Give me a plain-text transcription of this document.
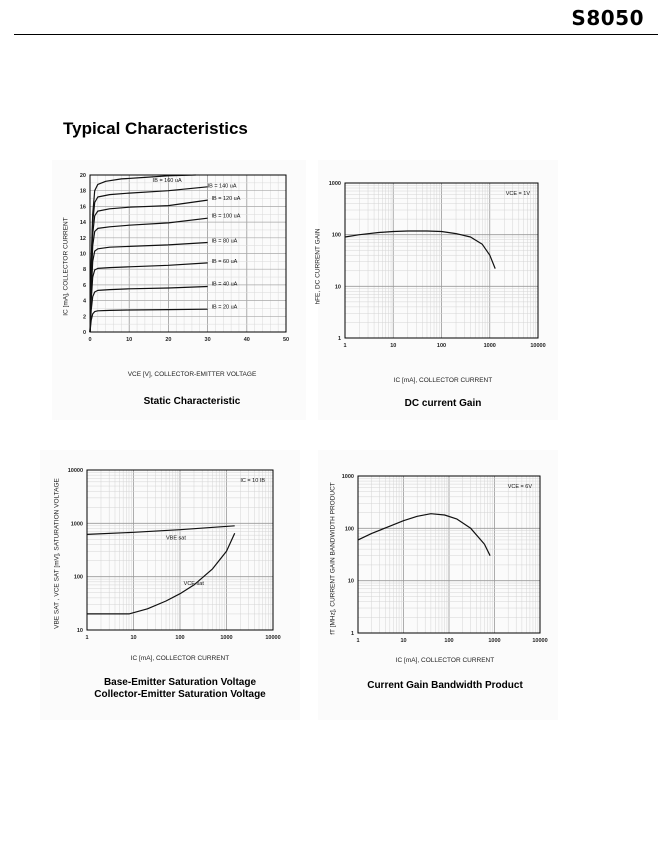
S8050
Typical Characteristics
0	10	20	30	40	50
0
2
4
6
8
10
12
14
16
18
20
IB = 160 uA
IB = 140 uA
IB = 120 uA
IB = 100 uA
IB = 80 uA
IB = 60 uA
IB = 40 uA
IB = 20 uA
1	10	100	1000	10000
1
10
100
1000
VCE = 1V
1	10	100	1000	10000
10
100
1000
10000
VBE sat
VCE sat
IC = 10 IB
1	10	100	1000	10000
1
10
100
1000
VCE = 6V
IC [mA], COLLECTOR CURRENT
VCE [V], COLLECTOR-EMITTER VOLTAGE
Static Characteristic
hFE, DC CURRENT GAIN
IC [mA], COLLECTOR CURRENT
DC current Gain
VBE SAT , VCE SAT [mV], SATURATION VOLTAGE
IC [mA], COLLECTOR CURRENT
Base-Emitter Saturation Voltage
Collector-Emitter Saturation Voltage
fT [MHz], CURRENT GAIN BANDWIDTH PRODUCT
IC [mA], COLLECTOR CURRENT
Current Gain Bandwidth Product
